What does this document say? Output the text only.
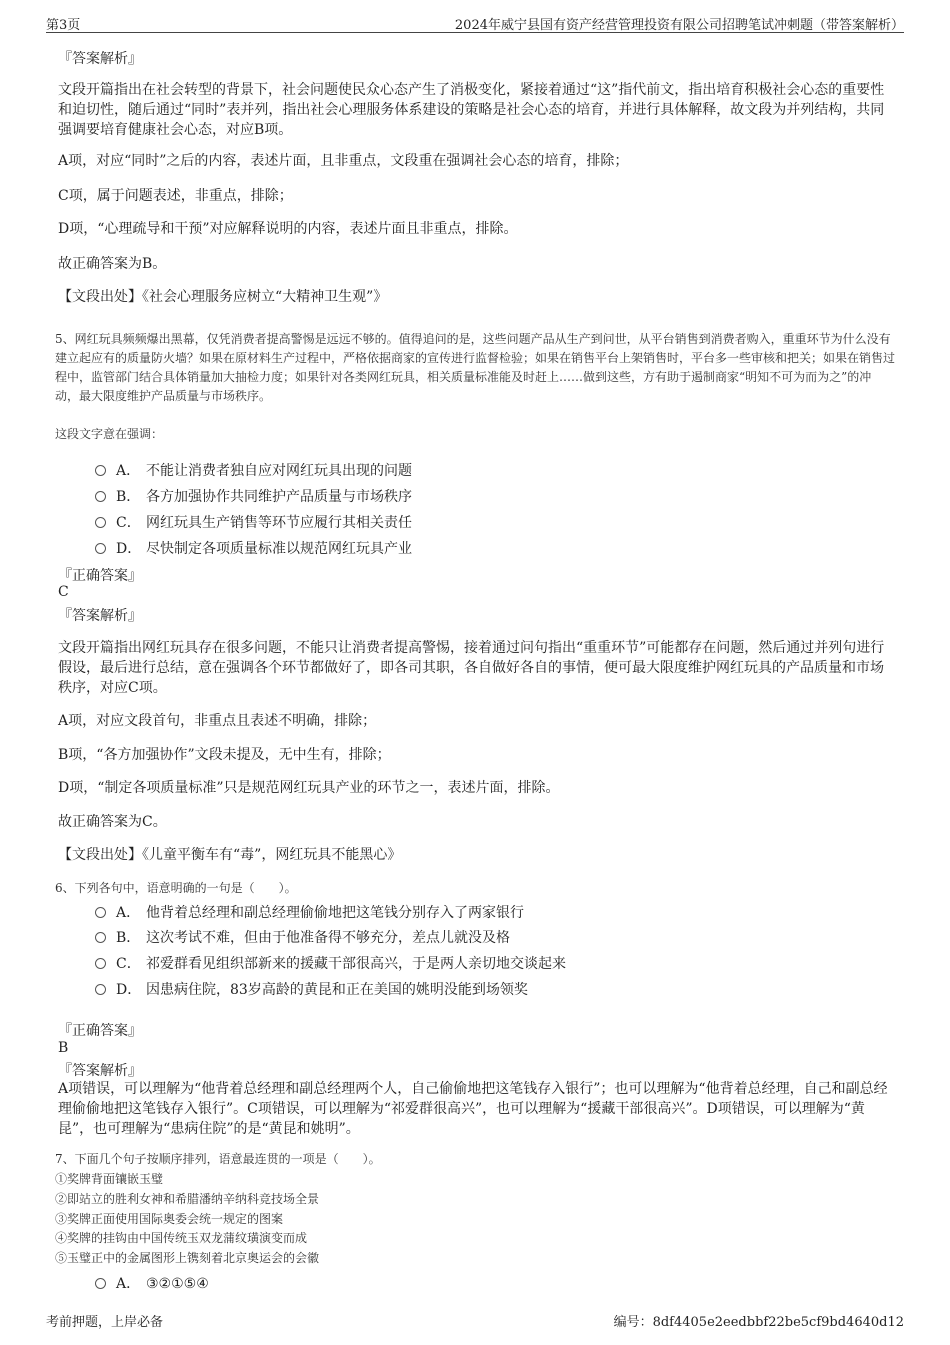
第3页	2024年威宁县国有资产经营管理投资有限公司招聘笔试冲刺题（带答案解析）
『答案解析』
文段开篇指出在社会转型的背景下，社会问题使民众心态产生了消极变化，紧接着通过“这”指代前文，指出培育积极社会心态的重要性和迫切性，随后通过“同时”表并列，指出社会心理服务体系建设的策略是社会心态的培育，并进行具体解释，故文段为并列结构，共同强调要培育健康社会心态，对应B项。
A项，对应“同时”之后的内容，表述片面，且非重点，文段重在强调社会心态的培育，排除；
C项，属于问题表述，非重点，排除；
D项，“心理疏导和干预”对应解释说明的内容，表述片面且非重点，排除。
故正确答案为B。
【文段出处】《社会心理服务应树立“大精神卫生观”》
5、网红玩具频频爆出黑幕，仅凭消费者提高警惕是远远不够的。值得追问的是，这些问题产品从生产到问世，从平台销售到消费者购入，重重环节为什么没有建立起应有的质量防火墙？如果在原材料生产过程中，严格依据商家的宣传进行监督检验；如果在销售平台上架销售时，平台多一些审核和把关；如果在销售过程中，监管部门结合具体销量加大抽检力度；如果针对各类网红玩具，相关质量标准能及时赶上……做到这些，方有助于遏制商家“明知不可为而为之”的冲动，最大限度维护产品质量与市场秩序。
这段文字意在强调：
A． 不能让消费者独自应对网红玩具出现的问题
B． 各方加强协作共同维护产品质量与市场秩序
C． 网红玩具生产销售等环节应履行其相关责任
D． 尽快制定各项质量标准以规范网红玩具产业
『正确答案』
C
『答案解析』
文段开篇指出网红玩具存在很多问题，不能只让消费者提高警惕，接着通过问句指出“重重环节”可能都存在问题，然后通过并列句进行假设，最后进行总结，意在强调各个环节都做好了，即各司其职，各自做好各自的事情，便可最大限度维护网红玩具的产品质量和市场秩序，对应C项。
A项，对应文段首句，非重点且表述不明确，排除；
B项，“各方加强协作”文段未提及，无中生有，排除；
D项，“制定各项质量标准”只是规范网红玩具产业的环节之一，表述片面，排除。
故正确答案为C。
【文段出处】《儿童平衡车有“毒”，网红玩具不能黑心》
6、下列各句中，语意明确的一句是（　　）。
A． 他背着总经理和副总经理偷偷地把这笔钱分别存入了两家银行
B． 这次考试不难，但由于他准备得不够充分，差点儿就没及格
C． 祁爱群看见组织部新来的援藏干部很高兴，于是两人亲切地交谈起来
D． 因患病住院，83岁高龄的黄昆和正在美国的姚明没能到场领奖
『正确答案』
B
『答案解析』
A项错误，可以理解为“他背着总经理和副总经理两个人，自己偷偷地把这笔钱存入银行”；也可以理解为“他背着总经理，自己和副总经理偷偷地把这笔钱存入银行”。C项错误，可以理解为“祁爱群很高兴”，也可以理解为“援藏干部很高兴”。D项错误，可以理解为“黄昆”，也可理解为“患病住院”的是“黄昆和姚明”。
7、下面几个句子按顺序排列，语意最连贯的一项是（　　）。
①奖牌背面镶嵌玉璧
②即站立的胜利女神和希腊潘纳辛纳科竞技场全景
③奖牌正面使用国际奥委会统一规定的图案
④奖牌的挂钩由中国传统玉双龙蒲纹璜演变而成
⑤玉璧正中的金属图形上镌刻着北京奥运会的会徽
A． ③②①⑤④
考前押题，上岸必备	编号：8df4405e2eedbbf22be5cf9bd4640d12
